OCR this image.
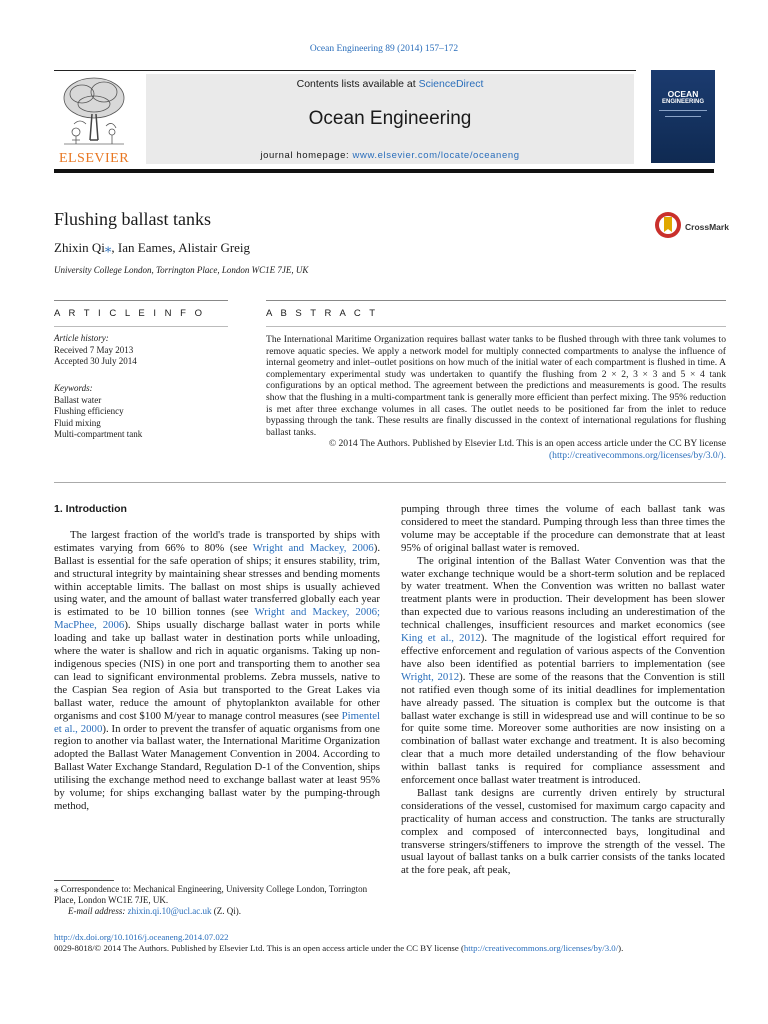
Ocean Engineering 89 (2014) 157–172
ELSEVIER
Contents lists available at ScienceDirect
Ocean Engineering
journal homepage: www.elsevier.com/locate/oceaneng
OCEAN
ENGINEERING
Flushing ballast tanks
Zhixin Qi⁎, Ian Eames, Alistair Greig
University College London, Torrington Place, London WC1E 7JE, UK
CrossMark
A R T I C L E I N F O
Article history:
Received 7 May 2013
Accepted 30 July 2014
Keywords:
Ballast water
Flushing efficiency
Fluid mixing
Multi-compartment tank
A B S T R A C T
The International Maritime Organization requires ballast water tanks to be flushed through with three tank volumes to remove aquatic species. We apply a network model for multiply connected compartments to analyse the influence of internal geometry and inlet–outlet positions on how much of the initial water of each compartment is flushed in time. A complementary experimental study was undertaken to quantify the flushing from 2 × 2, 3 × 3 and 5 × 4 tank configurations by an optical method. The agreement between the predictions and measurements is good. The results show that the flushing in a multi-compartment tank is generally more efficient than perfect mixing. The 95% reduction is met after three exchange volumes in all cases. The outlet needs to be positioned far from the inlet to reduce bypassing through the tank. These results are finally discussed in the context of international regulations for flushing ballast tanks.
© 2014 The Authors. Published by Elsevier Ltd. This is an open access article under the CC BY license
(http://creativecommons.org/licenses/by/3.0/).
1. Introduction

The largest fraction of the world's trade is transported by ships with estimates varying from 66% to 80% (see Wright and Mackey, 2006). Ballast is essential for the safe operation of ships; it ensures stability, trim, and structural integrity by maintaining shear stresses and bending moments within acceptable limits. The ballast on most ships is usually achieved using water, and the amount of ballast water transferred globally each year is estimated to be 10 billion tonnes (see Wright and Mackey, 2006; MacPhee, 2006). Ships usually discharge ballast water in ports while loading and take up ballast water in destination ports while unloading, where the water is shallow and rich in aquatic organisms. Taking up non-indigenous species (NIS) in one port and transporting them to another sea can lead to significant environmental problems. Zebra mussels, native to the Caspian Sea region of Asia but transported to the Great Lakes via ballast water, reduce the amount of phytoplankton available for other organisms and cost $100 M/year to manage control measures (see Pimentel et al., 2000). In order to prevent the transfer of aquatic organisms from one region to another via ballast water, the International Maritime Organization adopted the Ballast Water Management Convention in 2004. According to Ballast Water Exchange Standard, Regulation D-1 of the Convention, ships utilising the exchange method need to exchange ballast water at least 95% by volume; for ships exchanging ballast water by the pumping-through method,

pumping through three times the volume of each ballast tank was considered to meet the standard. Pumping through less than three times the volume may be acceptable if the procedure can demonstrate that at least 95% of original ballast water is removed.

The original intention of the Ballast Water Convention was that the water exchange technique would be a short-term solution and be replaced by water treatment. When the Convention was written no ballast water treatment plants were in production. Their development has been slower than expected due to various reasons including an underestimation of the technical challenges, insufficient resources and market economics (see King et al., 2012). The magnitude of the logistical effort required for effective enforcement and regulation of various aspects of the Convention have also been identified as potential barriers to implementation (see Wright, 2012). These are some of the reasons that the Convention is still not ratified even though some of its initial deadlines for implementation have already passed. The situation is complex but the outcome is that ballast water exchange is still in widespread use and will continue to be so for quite some time. Moreover some authorities are now insisting on a combination of ballast water exchange and treatment. It is also becoming clear that a much more detailed understanding of the flow behaviour within ballast tanks is required for compliance assessment and enforcement once ballast water treatment is introduced.

Ballast tank designs are currently driven entirely by structural considerations of the vessel, customised for maximum cargo capacity and practicality of human access and construction. The tanks are structurally complex and composed of interconnected bays, longitudinal and transverse stringers/stiffeners to improve the strength of the vessel. The usual layout of ballast tanks on a bulk carrier consists of the tanks located at the fore peak, aft peak,

⁎ Correspondence to: Mechanical Engineering, University College London, Torrington Place, London WC1E 7JE, UK.
E-mail address: zhixin.qi.10@ucl.ac.uk (Z. Qi).
http://dx.doi.org/10.1016/j.oceaneng.2014.07.022
0029-8018/© 2014 The Authors. Published by Elsevier Ltd. This is an open access article under the CC BY license (http://creativecommons.org/licenses/by/3.0/).
